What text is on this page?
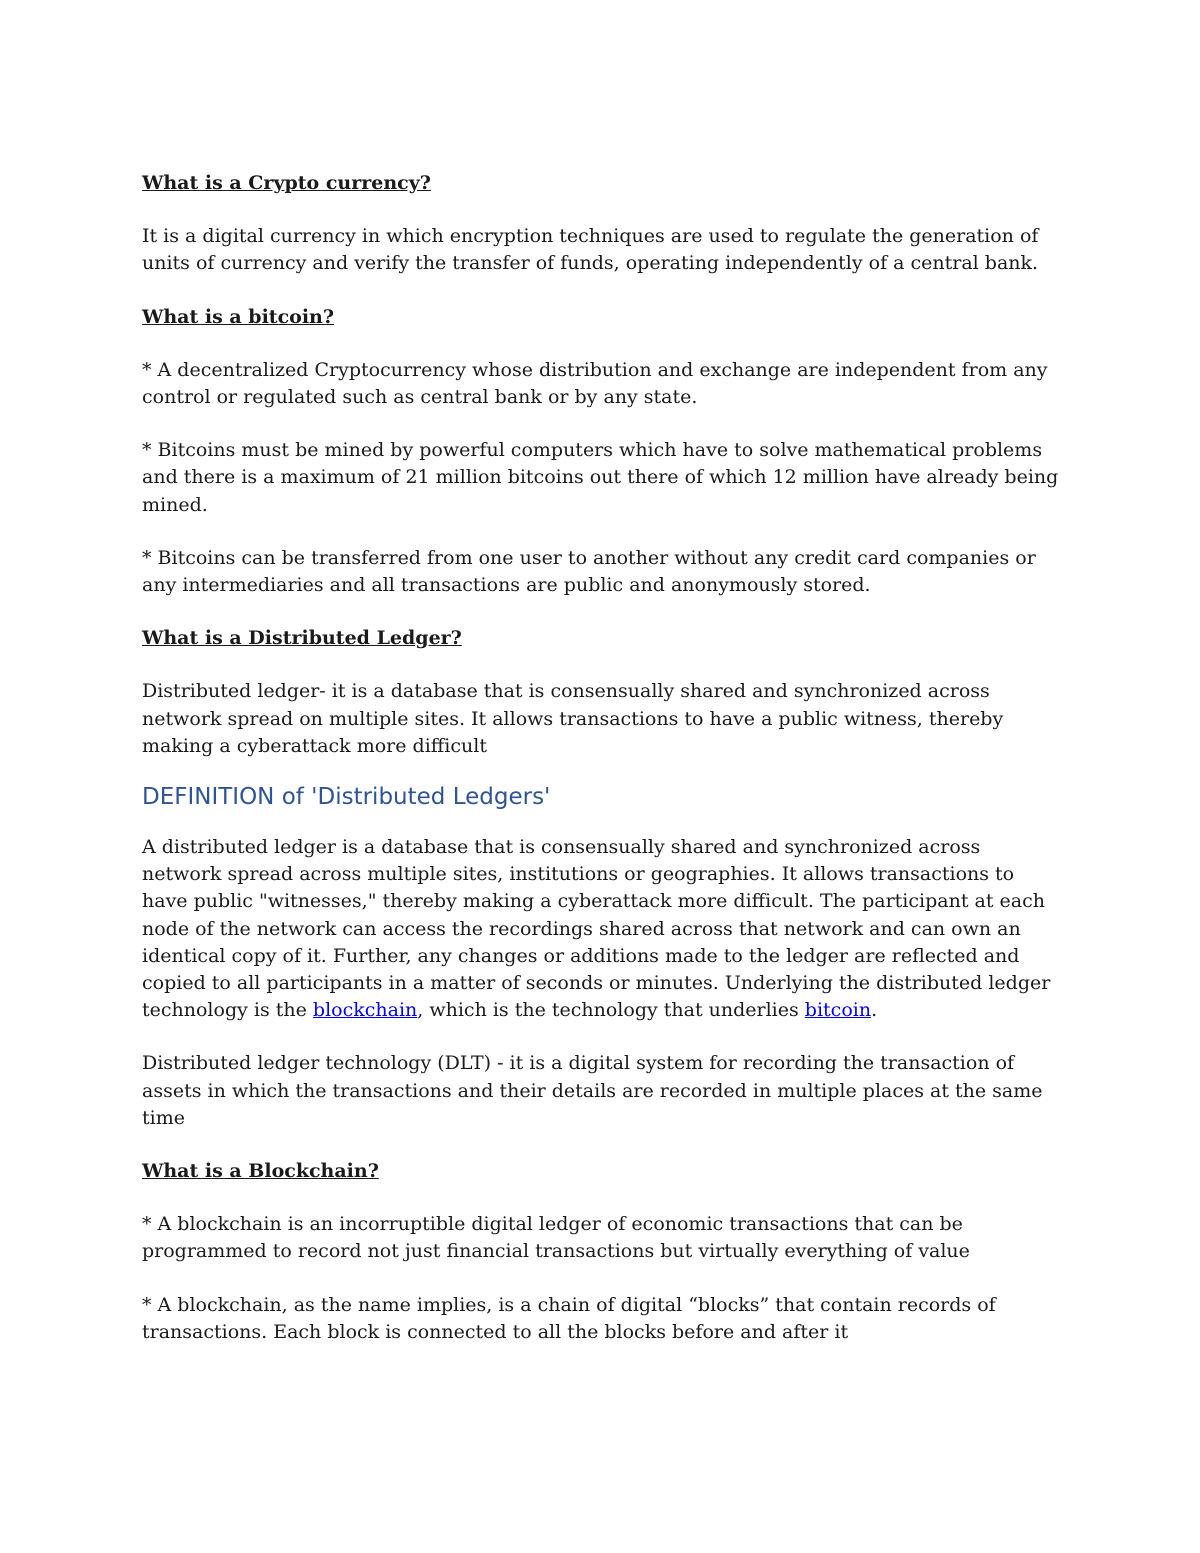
What is a Crypto currency?

It is a digital currency in which encryption techniques are used to regulate the generation of units of currency and verify the transfer of funds, operating independently of a central bank.

What is a bitcoin?

* A decentralized Cryptocurrency whose distribution and exchange are independent from any control or regulated such as central bank or by any state.

* Bitcoins must be mined by powerful computers which have to solve mathematical problems and there is a maximum of 21 million bitcoins out there of which 12 million have already being mined.

* Bitcoins can be transferred from one user to another without any credit card companies or any intermediaries and all transactions are public and anonymously stored.

What is a Distributed Ledger?

Distributed ledger- it is a database that is consensually shared and synchronized across network spread on multiple sites. It allows transactions to have a public witness, thereby making a cyberattack more difficult

DEFINITION of 'Distributed Ledgers'

A distributed ledger is a database that is consensually shared and synchronized across network spread across multiple sites, institutions or geographies. It allows transactions to have public "witnesses," thereby making a cyberattack more difficult. The participant at each node of the network can access the recordings shared across that network and can own an identical copy of it. Further, any changes or additions made to the ledger are reflected and copied to all participants in a matter of seconds or minutes. Underlying the distributed ledger technology is the blockchain, which is the technology that underlies bitcoin.

Distributed ledger technology (DLT) - it is a digital system for recording the transaction of assets in which the transactions and their details are recorded in multiple places at the same time

What is a Blockchain?

* A blockchain is an incorruptible digital ledger of economic transactions that can be programmed to record not just financial transactions but virtually everything of value

* A blockchain, as the name implies, is a chain of digital “blocks” that contain records of transactions. Each block is connected to all the blocks before and after it
